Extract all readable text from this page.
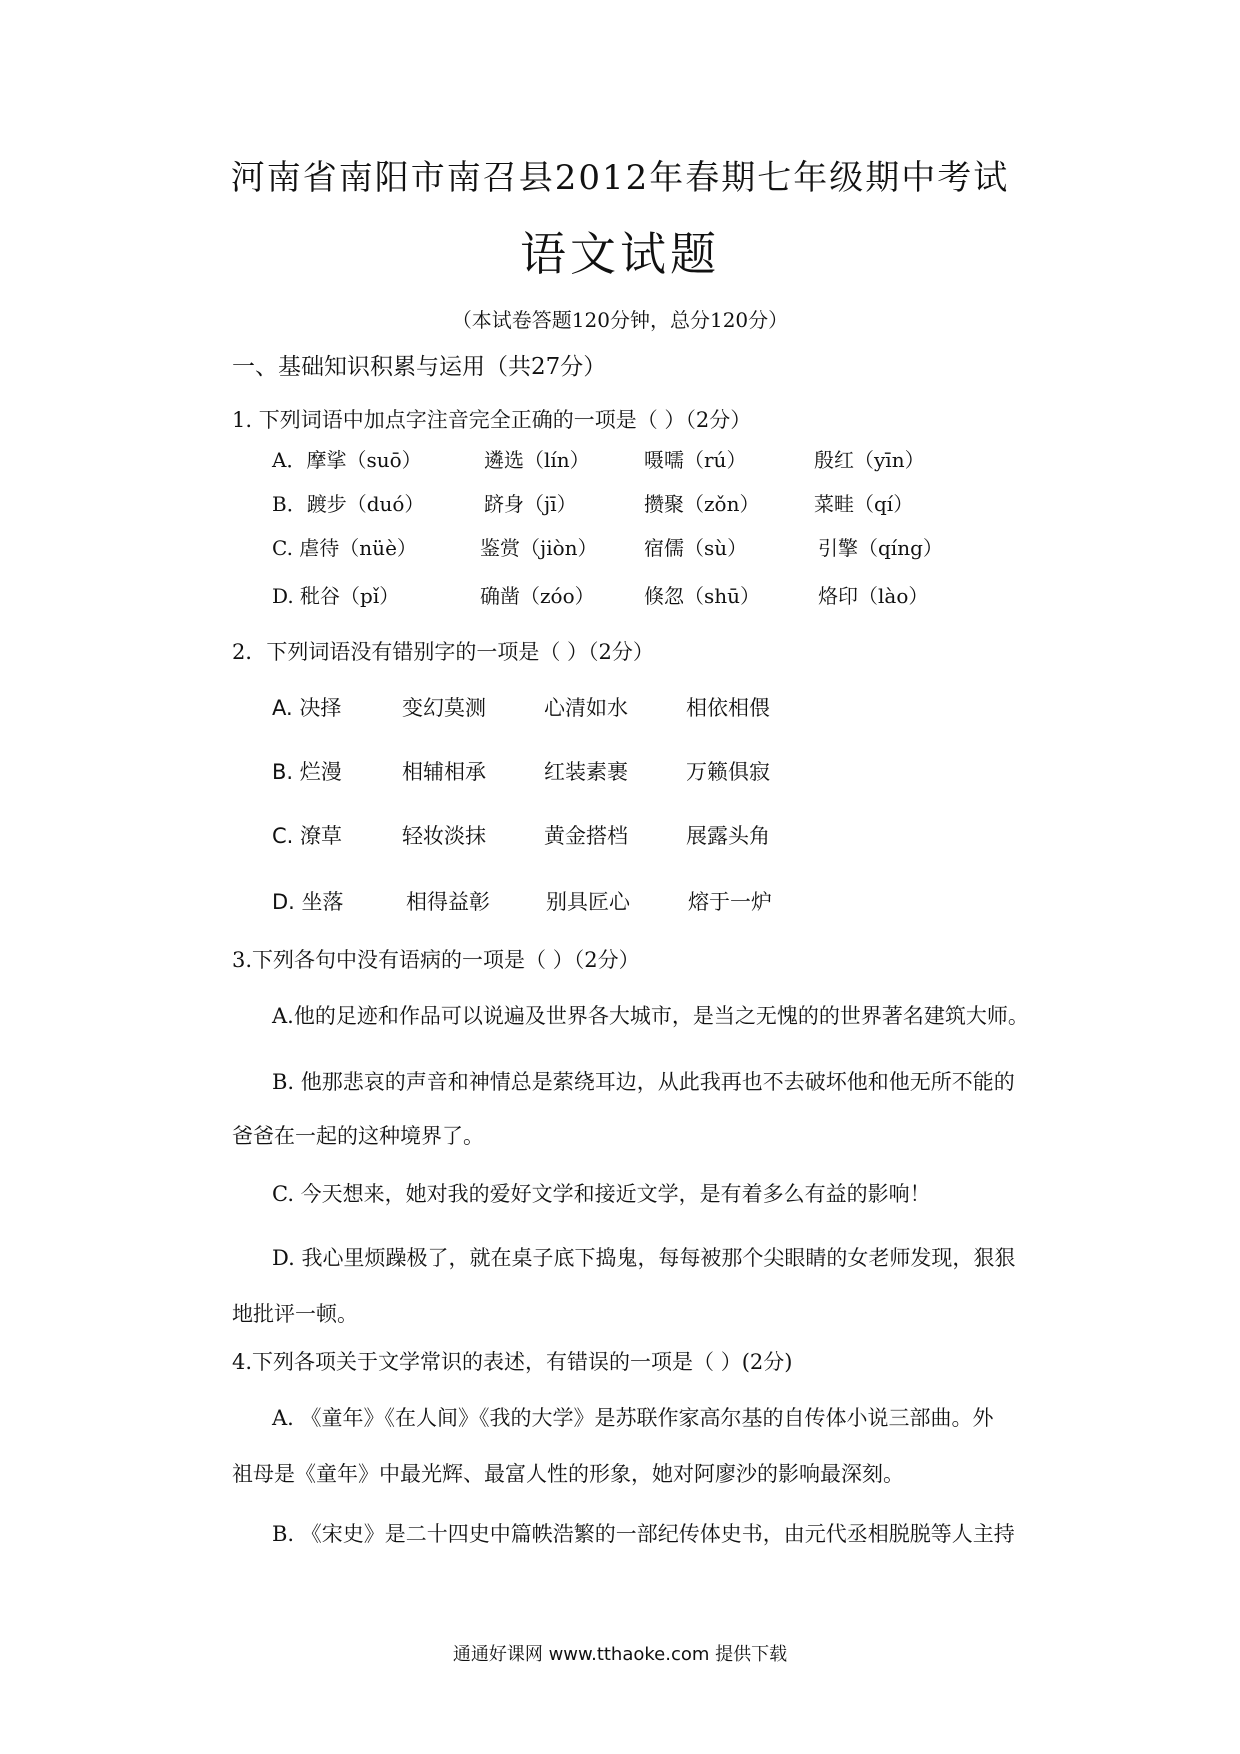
河南省南阳市南召县2012年春期七年级期中考试
语文试题
（本试卷答题120分钟，总分120分）
一、基础知识积累与运用（共27分）
1. 下列词语中加点字注音完全正确的一项是（ ）（2分）
A．摩挲（suō）	遴选（lín）	嗫嚅（rú）	殷红（yīn）
B．踱步（duó）	跻身（jī）	攒聚（zǒn）	菜畦（qí）
C. 虐待（nüè）	鉴赏（jiòn） 宿儒（sù）	引擎（qíng）
D. 秕谷（pǐ）	确凿（zóo） 倏忽（shū）	烙印（lào）
2．下列词语没有错别字的一项是（ ）（2分）
A. 决择	变幻莫测	心清如水	相依相偎
B. 烂漫	相辅相承	红装素裹	万籁俱寂
C. 潦草	轻妆淡抹	黄金搭档	展露头角
D. 坐落	相得益彰	别具匠心	熔于一炉
3.下列各句中没有语病的一项是（ ）（2分）
A.他的足迹和作品可以说遍及世界各大城市，是当之无愧的的世界著名建筑大师。
B. 他那悲哀的声音和神情总是萦绕耳边，从此我再也不去破坏他和他无所不能的
爸爸在一起的这种境界了。
C. 今天想来，她对我的爱好文学和接近文学，是有着多么有益的影响！
D. 我心里烦躁极了，就在桌子底下捣鬼，每每被那个尖眼睛的女老师发现，狠狠
地批评一顿。
4.下列各项关于文学常识的表述，有错误的一项是（ ）(2分)
A. 《童年》《在人间》《我的大学》是苏联作家高尔基的自传体小说三部曲。外
祖母是《童年》中最光辉、最富人性的形象，她对阿廖沙的影响最深刻。
B. 《宋史》是二十四史中篇帙浩繁的一部纪传体史书，由元代丞相脱脱等人主持
通通好课网 www.tthaoke.com 提供下载
